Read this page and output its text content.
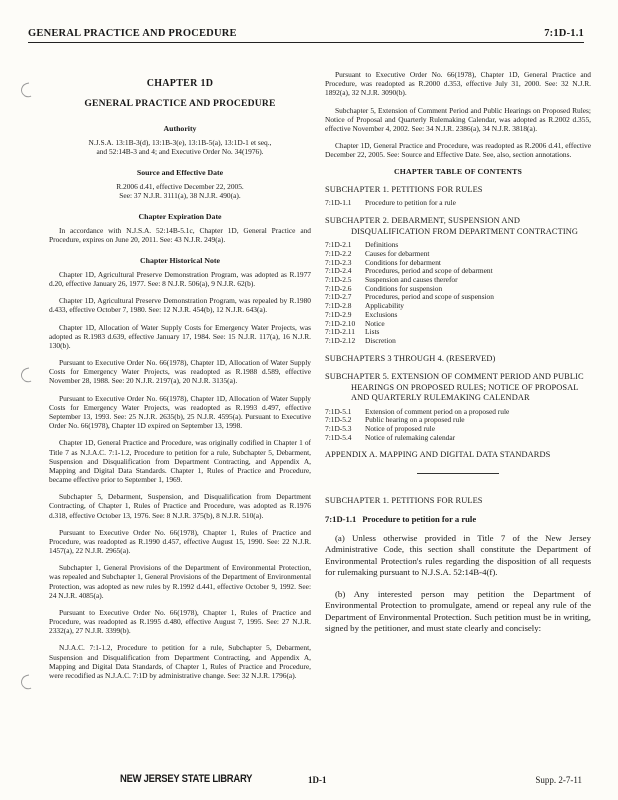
GENERAL PRACTICE AND PROCEDURE	7:1D-1.1
CHAPTER 1D
GENERAL PRACTICE AND PROCEDURE
Authority
N.J.S.A. 13:1B-3(d), 13:1B-3(e), 13:1B-5(a), 13:1D-1 et seq.,
and 52:14B-3 and 4; and Executive Order No. 34(1976).
Source and Effective Date
R.2006 d.41, effective December 22, 2005.
See: 37 N.J.R. 3111(a), 38 N.J.R. 490(a).
Chapter Expiration Date

In accordance with N.J.S.A. 52:14B-5.1c, Chapter 1D, General Practice and Procedure, expires on June 20, 2011. See: 43 N.J.R. 249(a).

Chapter Historical Note

Chapter 1D, Agricultural Preserve Demonstration Program, was adopted as R.1977 d.20, effective January 26, 1977. See: 8 N.J.R. 506(a), 9 N.J.R. 62(b).

Chapter 1D, Agricultural Preserve Demonstration Program, was repealed by R.1980 d.433, effective October 7, 1980. See: 12 N.J.R. 454(b), 12 N.J.R. 643(a).

Chapter 1D, Allocation of Water Supply Costs for Emergency Water Projects, was adopted as R.1983 d.639, effective January 17, 1984. See: 15 N.J.R. 117(a), 16 N.J.R. 130(b).

Pursuant to Executive Order No. 66(1978), Chapter 1D, Allocation of Water Supply Costs for Emergency Water Projects, was readopted as R.1988 d.589, effective November 28, 1988. See: 20 N.J.R. 2197(a), 20 N.J.R. 3135(a).

Pursuant to Executive Order No. 66(1978), Chapter 1D, Allocation of Water Supply Costs for Emergency Water Projects, was readopted as R.1993 d.497, effective September 13, 1993. See: 25 N.J.R. 2635(b), 25 N.J.R. 4595(a). Pursuant to Executive Order No. 66(1978), Chapter 1D expired on September 13, 1998.

Chapter 1D, General Practice and Procedure, was originally codified in Chapter 1 of Title 7 as N.J.A.C. 7:1-1.2, Procedure to petition for a rule, Subchapter 5, Debarment, Suspension and Disqualification from Department Contracting, and Appendix A, Mapping and Digital Data Standards. Chapter 1, Rules of Practice and Procedure, became effective prior to September 1, 1969.

Subchapter 5, Debarment, Suspension, and Disqualification from Department Contracting, of Chapter 1, Rules of Practice and Procedure, was adopted as R.1976 d.318, effective October 13, 1976. See: 8 N.J.R. 375(b), 8 N.J.R. 510(a).

Pursuant to Executive Order No. 66(1978), Chapter 1, Rules of Practice and Procedure, was readopted as R.1990 d.457, effective August 15, 1990. See: 22 N.J.R. 1457(a), 22 N.J.R. 2965(a).

Subchapter 1, General Provisions of the Department of Environmental Protection, was repealed and Subchapter 1, General Provisions of the Department of Environmental Protection, was adopted as new rules by R.1992 d.441, effective October 9, 1992. See: 24 N.J.R. 4085(a).

Pursuant to Executive Order No. 66(1978), Chapter 1, Rules of Practice and Procedure, was readopted as R.1995 d.480, effective August 7, 1995. See: 27 N.J.R. 2332(a), 27 N.J.R. 3399(b).

N.J.A.C. 7:1-1.2, Procedure to petition for a rule, Subchapter 5, Debarment, Suspension and Disqualification from Department Contracting, and Appendix A, Mapping and Digital Data Standards, of Chapter 1, Rules of Practice and Procedure, were recodified as N.J.A.C. 7:1D by administrative change. See: 32 N.J.R. 1796(a).

Pursuant to Executive Order No. 66(1978), Chapter 1D, General Practice and Procedure, was readopted as R.2000 d.353, effective July 31, 2000. See: 32 N.J.R. 1892(a), 32 N.J.R. 3090(b).

Subchapter 5, Extension of Comment Period and Public Hearings on Proposed Rules; Notice of Proposal and Quarterly Rulemaking Calendar, was adopted as R.2002 d.355, effective November 4, 2002. See: 34 N.J.R. 2386(a), 34 N.J.R. 3818(a).

Chapter 1D, General Practice and Procedure, was readopted as R.2006 d.41, effective December 22, 2005. See: Source and Effective Date. See, also, section annotations.

CHAPTER TABLE OF CONTENTS
SUBCHAPTER 1. PETITIONS FOR RULES
7:1D-1.1	Procedure to petition for a rule
SUBCHAPTER 2. DEBARMENT, SUSPENSION AND DISQUALIFICATION FROM DEPARTMENT CONTRACTING
7:1D-2.1	Definitions
7:1D-2.2	Causes for debarment
7:1D-2.3	Conditions for debarment
7:1D-2.4	Procedures, period and scope of debarment
7:1D-2.5	Suspension and causes therefor
7:1D-2.6	Conditions for suspension
7:1D-2.7	Procedures, period and scope of suspension
7:1D-2.8	Applicability
7:1D-2.9	Exclusions
7:1D-2.10	Notice
7:1D-2.11	Lists
7:1D-2.12	Discretion
SUBCHAPTERS 3 THROUGH 4. (RESERVED)
SUBCHAPTER 5. EXTENSION OF COMMENT PERIOD AND PUBLIC HEARINGS ON PROPOSED RULES; NOTICE OF PROPOSAL AND QUARTERLY RULEMAKING CALENDAR
7:1D-5.1	Extension of comment period on a proposed rule
7:1D-5.2	Public hearing on a proposed rule
7:1D-5.3	Notice of proposed rule
7:1D-5.4	Notice of rulemaking calendar
APPENDIX A. MAPPING AND DIGITAL DATA STANDARDS
SUBCHAPTER 1. PETITIONS FOR RULES
7:1D-1.1 Procedure to petition for a rule

(a) Unless otherwise provided in Title 7 of the New Jersey Administrative Code, this section shall constitute the Department of Environmental Protection's rules regarding the disposition of all requests for rulemaking pursuant to N.J.S.A. 52:14B-4(f).

(b) Any interested person may petition the Department of Environmental Protection to promulgate, amend or repeal any rule of the Department of Environmental Protection. Such petition must be in writing, signed by the petitioner, and must state clearly and concisely:

NEW JERSEY STATE LIBRARY	1D-1	Supp. 2-7-11
